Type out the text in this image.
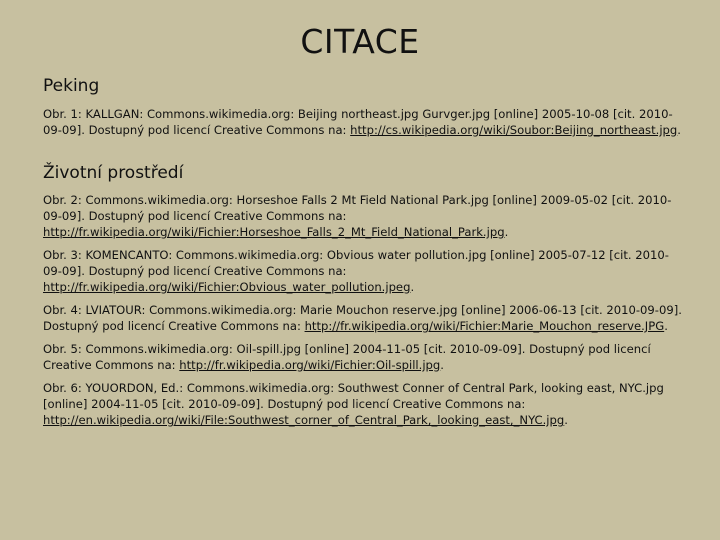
CITACE

Peking

Obr. 1: KALLGAN: Commons.wikimedia.org: Beijing northeast.jpg Gurvger.jpg [online] 2005-10-08 [cit. 2010-09-09]. Dostupný pod licencí Creative Commons na: http://cs.wikipedia.org/wiki/Soubor:Beijing_northeast.jpg.

Životní prostředí

Obr. 2: Commons.wikimedia.org: Horseshoe Falls 2 Mt Field National Park.jpg [online] 2009-05-02 [cit. 2010-09-09]. Dostupný pod licencí Creative Commons na: http://fr.wikipedia.org/wiki/Fichier:Horseshoe_Falls_2_Mt_Field_National_Park.jpg.

Obr. 3: KOMENCANTO: Commons.wikimedia.org: Obvious water pollution.jpg [online] 2005-07-12 [cit. 2010-09-09]. Dostupný pod licencí Creative Commons na: http://fr.wikipedia.org/wiki/Fichier:Obvious_water_pollution.jpeg.

Obr. 4: LVIATOUR: Commons.wikimedia.org: Marie Mouchon reserve.jpg [online] 2006-06-13 [cit. 2010-09-09]. Dostupný pod licencí Creative Commons na: http://fr.wikipedia.org/wiki/Fichier:Marie_Mouchon_reserve.JPG.

Obr. 5: Commons.wikimedia.org: Oil-spill.jpg [online] 2004-11-05 [cit. 2010-09-09]. Dostupný pod licencí Creative Commons na: http://fr.wikipedia.org/wiki/Fichier:Oil-spill.jpg.

Obr. 6: YOUORDON, Ed.: Commons.wikimedia.org: Southwest Conner of Central Park, looking east, NYC.jpg [online] 2004-11-05 [cit. 2010-09-09]. Dostupný pod licencí Creative Commons na: http://en.wikipedia.org/wiki/File:Southwest_corner_of_Central_Park,_looking_east,_NYC.jpg.
